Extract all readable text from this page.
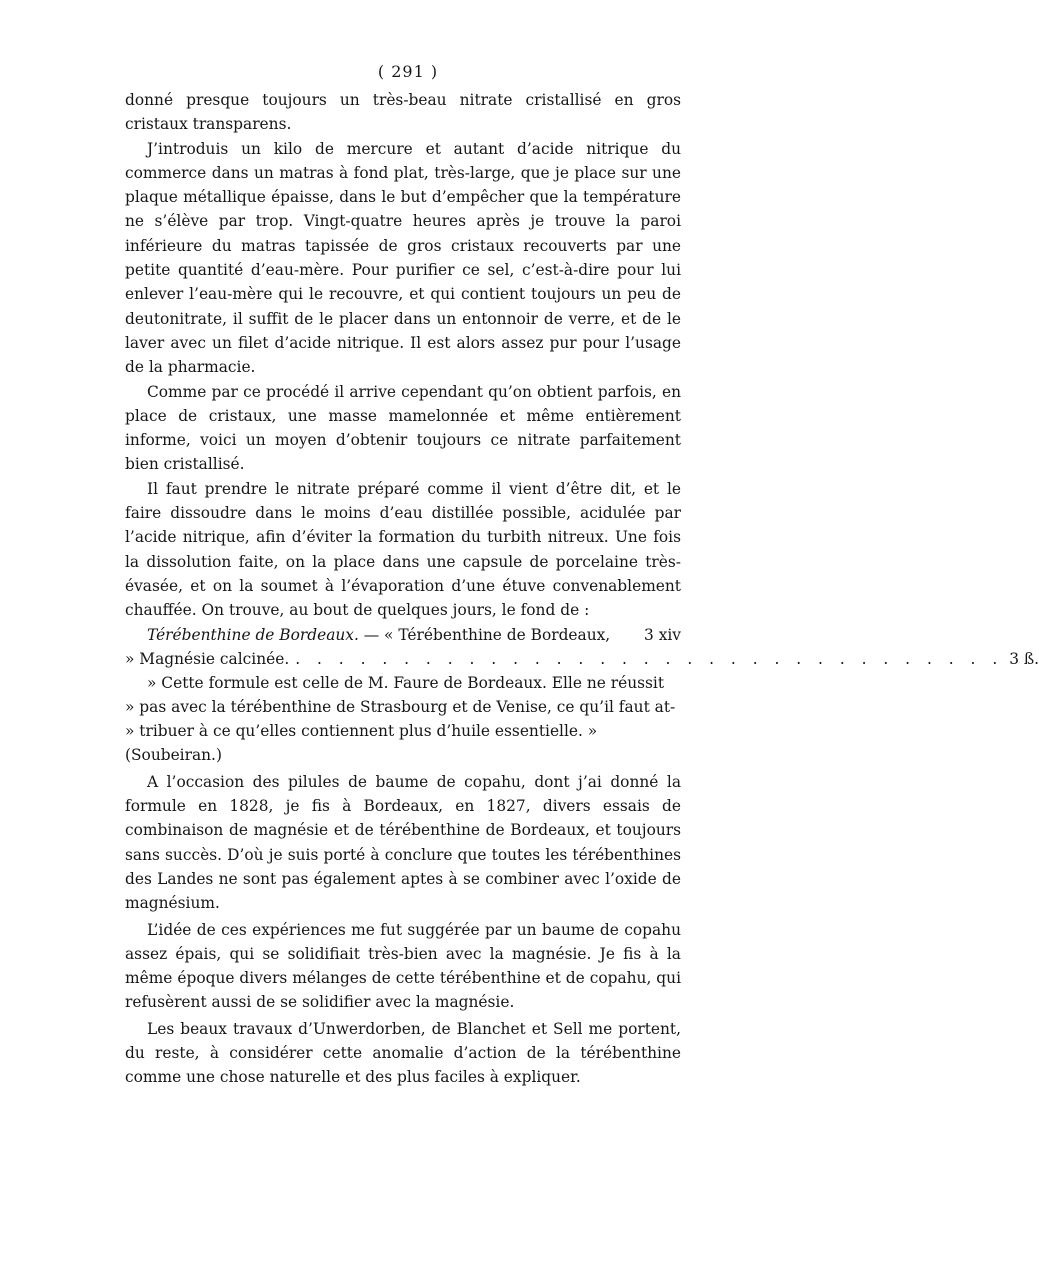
( 291 )

donné presque toujours un très-beau nitrate cristallisé en gros cristaux transparens.

J’introduis un kilo de mercure et autant d’acide nitrique du commerce dans un matras à fond plat, très-large, que je place sur une plaque métallique épaisse, dans le but d’empêcher que la température ne s’élève par trop. Vingt-quatre heures après je trouve la paroi inférieure du matras tapissée de gros cristaux recouverts par une petite quantité d’eau-mère. Pour purifier ce sel, c’est-à-dire pour lui enlever l’eau-mère qui le recouvre, et qui contient toujours un peu de deutonitrate, il suffit de le placer dans un entonnoir de verre, et de le laver avec un filet d’acide nitrique. Il est alors assez pur pour l’usage de la pharmacie.

Comme par ce procédé il arrive cependant qu’on obtient parfois, en place de cristaux, une masse mamelonnée et même entièrement informe, voici un moyen d’obtenir toujours ce nitrate parfaitement bien cristallisé.

Il faut prendre le nitrate préparé comme il vient d’être dit, et le faire dissoudre dans le moins d’eau distillée possible, acidulée par l’acide nitrique, afin d’éviter la formation du turbith nitreux. Une fois la dissolution faite, on la place dans une capsule de porcelaine très-évasée, et on la soumet à l’évaporation d’une étuve convenablement chauffée. On trouve, au bout de quelques jours, le fond de :

Térébenthine de Bordeaux. — « Térébenthine de Bordeaux, 3 xiv
» Magnésie calcinée. . . . . . . . . . . . . . . . . . . . . . . . . . . . . . . . . . 3 ß.
» Cette formule est celle de M. Faure de Bordeaux. Elle ne réussit
» pas avec la térébenthine de Strasbourg et de Venise, ce qu’il faut at-
» tribuer à ce qu’elles contiennent plus d’huile essentielle. » (Soubeiran.)

A l’occasion des pilules de baume de copahu, dont j’ai donné la formule en 1828, je fis à Bordeaux, en 1827, divers essais de combinaison de magnésie et de térébenthine de Bordeaux, et toujours sans succès. D’où je suis porté à conclure que toutes les térébenthines des Landes ne sont pas également aptes à se combiner avec l’oxide de magnésium.

L’idée de ces expériences me fut suggérée par un baume de copahu assez épais, qui se solidifiait très-bien avec la magnésie. Je fis à la même époque divers mélanges de cette térébenthine et de copahu, qui refusèrent aussi de se solidifier avec la magnésie.

Les beaux travaux d’Unwerdorben, de Blanchet et Sell me portent, du reste, à considérer cette anomalie d’action de la térébenthine comme une chose naturelle et des plus faciles à expliquer.
